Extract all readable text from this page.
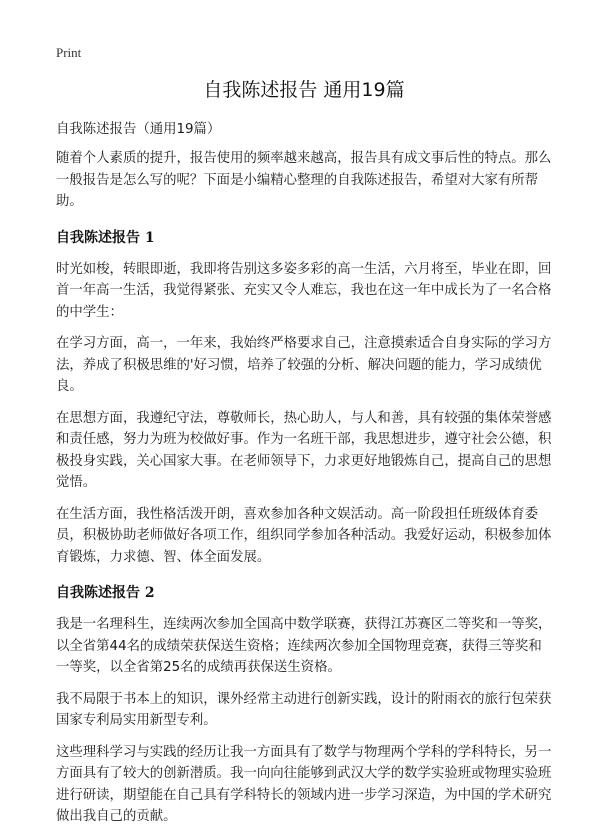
Print
自我陈述报告 通用19篇

自我陈述报告（通用19篇）

随着个人素质的提升，报告使用的频率越来越高，报告具有成文事后性的特点。那么一般报告是怎么写的呢？下面是小编精心整理的自我陈述报告，希望对大家有所帮助。

自我陈述报告 1

时光如梭，转眼即逝，我即将告别这多姿多彩的高一生活，六月将至，毕业在即，回首一年高一生活，我觉得紧张、充实又令人难忘，我也在这一年中成长为了一名合格的中学生：

在学习方面，高一，一年来，我始终严格要求自己，注意摸索适合自身实际的学习方法，养成了积极思维的'好习惯，培养了较强的分析、解决问题的能力，学习成绩优良。

在思想方面，我遵纪守法，尊敬师长，热心助人，与人和善，具有较强的集体荣誉感和责任感，努力为班为校做好事。作为一名班干部，我思想进步，遵守社会公德，积极投身实践，关心国家大事。在老师领导下，力求更好地锻炼自己，提高自己的思想觉悟。

在生活方面，我性格活泼开朗，喜欢参加各种文娱活动。高一阶段担任班级体育委员，积极协助老师做好各项工作，组织同学参加各种活动。我爱好运动，积极参加体育锻炼，力求德、智、体全面发展。

自我陈述报告 2

我是一名理科生，连续两次参加全国高中数学联赛，获得江苏赛区二等奖和一等奖，以全省第44名的成绩荣获保送生资格；连续两次参加全国物理竞赛，获得三等奖和一等奖，以全省第25名的成绩再获保送生资格。

我不局限于书本上的知识，课外经常主动进行创新实践，设计的附雨衣的旅行包荣获国家专利局实用新型专利。

这些理科学习与实践的经历让我一方面具有了数学与物理两个学科的学科特长，另一方面具有了较大的创新潜质。我一向向往能够到武汉大学的数学实验班或物理实验班进行研读，期望能在自己具有学科特长的领域内进一步学习深造，为中国的学术研究做出我自己的贡献。
